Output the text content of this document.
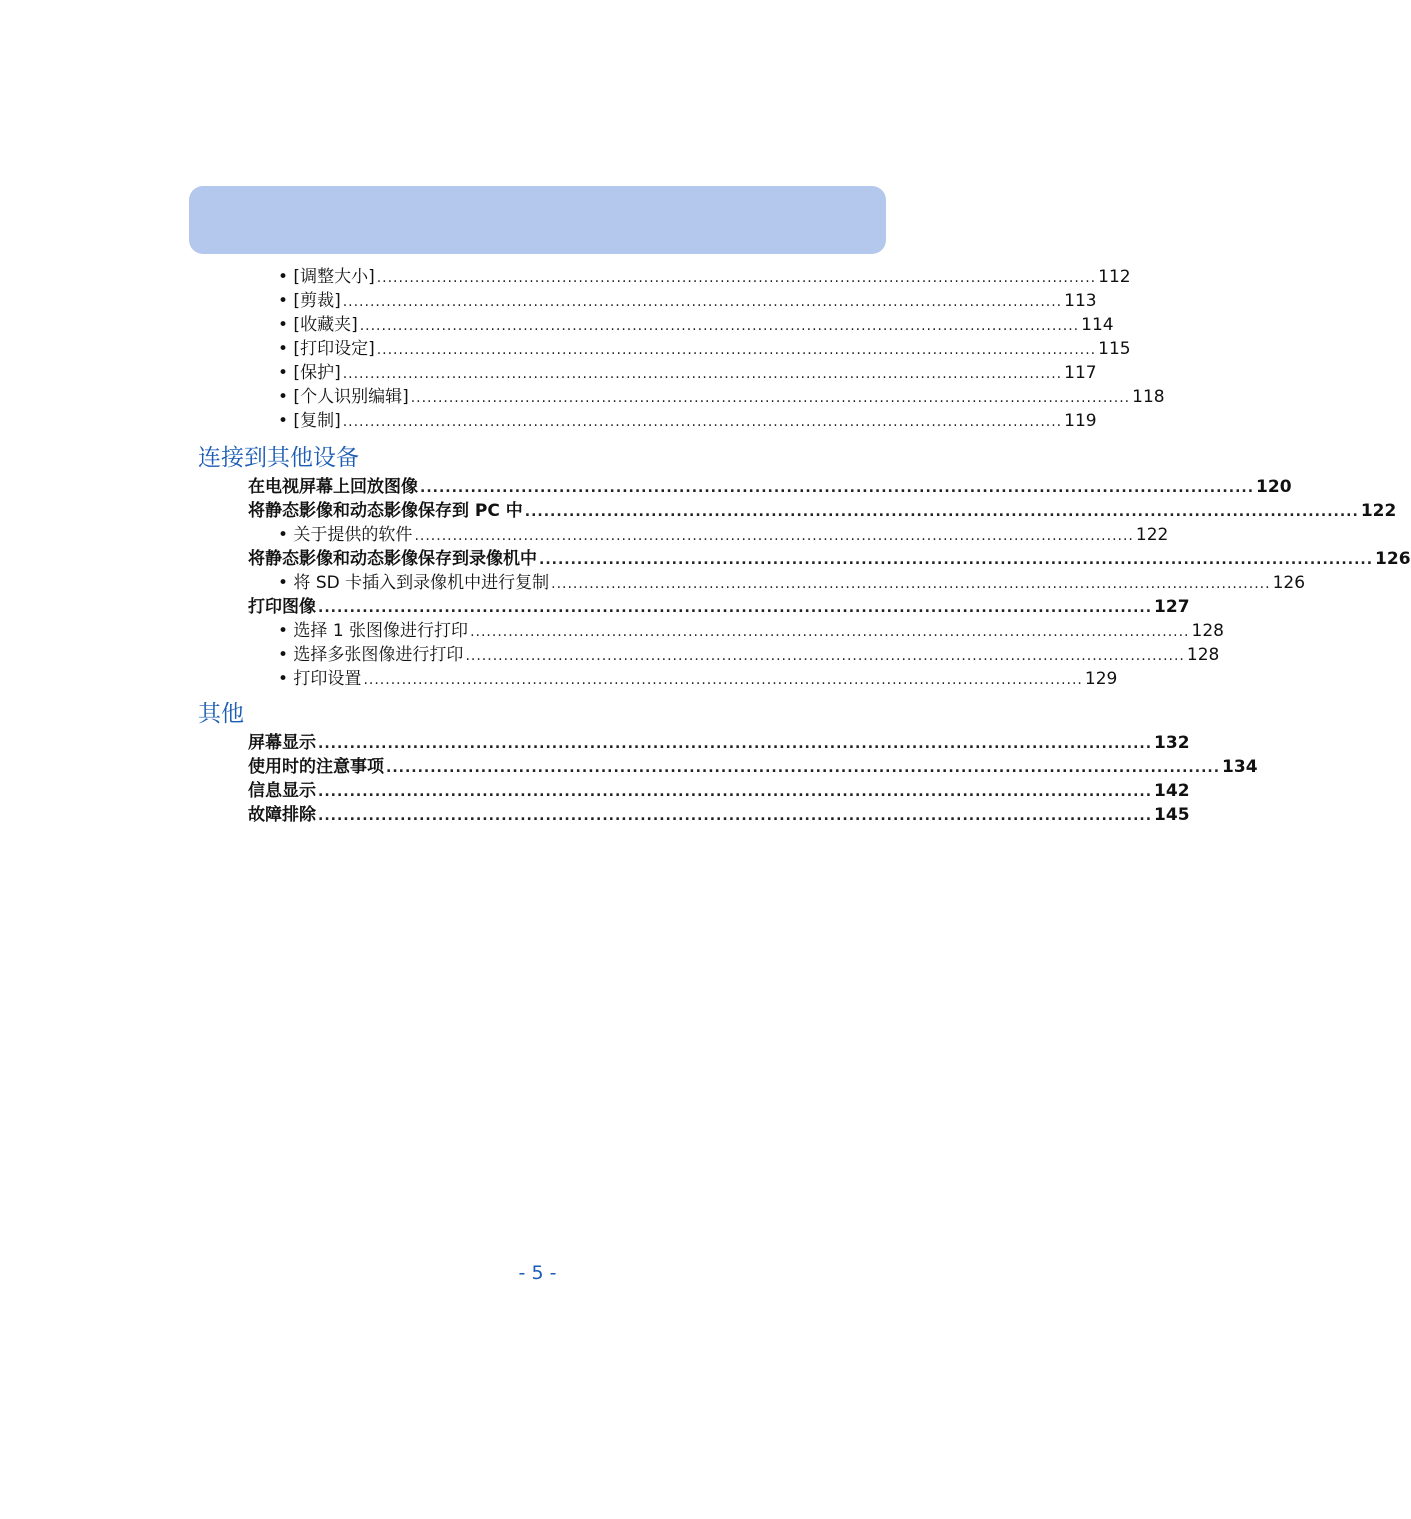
• [调整大小] .................................................................................................................................... 112
• [剪裁] .................................................................................................................................... 113
• [收藏夹] .................................................................................................................................... 114
• [打印设定] .................................................................................................................................... 115
• [保护] .................................................................................................................................... 117
• [个人识别编辑] .................................................................................................................................... 118
• [复制] .................................................................................................................................... 119
连接到其他设备
在电视屏幕上回放图像 .................................................................................................................................... 120
将静态影像和动态影像保存到 PC 中 .................................................................................................................................... 122
• 关于提供的软件 .................................................................................................................................... 122
将静态影像和动态影像保存到录像机中 .................................................................................................................................... 126
• 将 SD 卡插入到录像机中进行复制 .................................................................................................................................... 126
打印图像 .................................................................................................................................... 127
• 选择 1 张图像进行打印 .................................................................................................................................... 128
• 选择多张图像进行打印 .................................................................................................................................... 128
• 打印设置 .................................................................................................................................... 129
其他
屏幕显示 .................................................................................................................................... 132
使用时的注意事项 .................................................................................................................................... 134
信息显示 .................................................................................................................................... 142
故障排除 .................................................................................................................................... 145
- 5 -
